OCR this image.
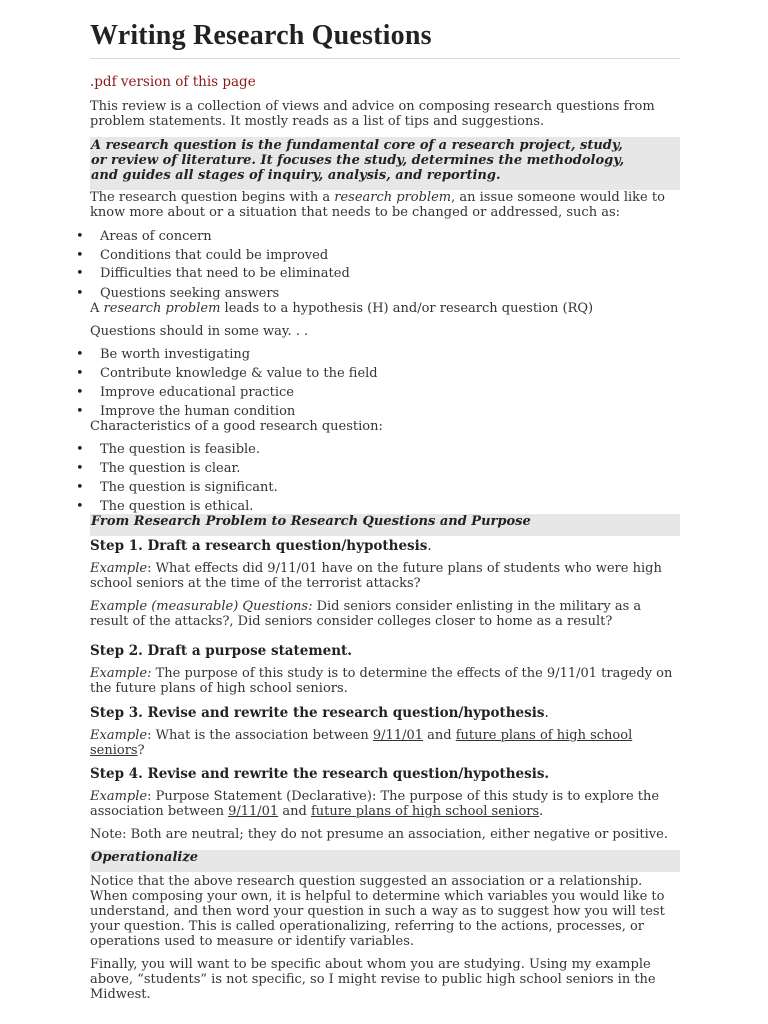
Writing Research Questions
.pdf version of this page
This review is a collection of views and advice on composing research questions from
problem statements. It mostly reads as a list of tips and suggestions.
A research question is the fundamental core of a research project, study,
or review of literature. It focuses the study, determines the methodology,
and guides all stages of inquiry, analysis, and reporting.
The research question begins with a research problem, an issue someone would like to
know more about or a situation that needs to be changed or addressed, such as:
• Areas of concern
• Conditions that could be improved
• Difficulties that need to be eliminated
• Questions seeking answers
A research problem leads to a hypothesis (H) and/or research question (RQ)
Questions should in some way. . .
• Be worth investigating
• Contribute knowledge & value to the field
• Improve educational practice
• Improve the human condition
Characteristics of a good research question:
• The question is feasible.
• The question is clear.
• The question is significant.
• The question is ethical.
From Research Problem to Research Questions and Purpose
Step 1. Draft a research question/hypothesis.
Example: What effects did 9/11/01 have on the future plans of students who were high
school seniors at the time of the terrorist attacks?
Example (measurable) Questions: Did seniors consider enlisting in the military as a
result of the attacks?, Did seniors consider colleges closer to home as a result?
Step 2. Draft a purpose statement.
Example: The purpose of this study is to determine the effects of the 9/11/01 tragedy on
the future plans of high school seniors.
Step 3. Revise and rewrite the research question/hypothesis.
Example: What is the association between 9/11/01 and future plans of high school
seniors?
Step 4. Revise and rewrite the research question/hypothesis.
Example: Purpose Statement (Declarative): The purpose of this study is to explore the
association between 9/11/01 and future plans of high school seniors.
Note: Both are neutral; they do not presume an association, either negative or positive.
Operationalize
Notice that the above research question suggested an association or a relationship.
When composing your own, it is helpful to determine which variables you would like to
understand, and then word your question in such a way as to suggest how you will test
your question. This is called operationalizing, referring to the actions, processes, or
operations used to measure or identify variables.
Finally, you will want to be specific about whom you are studying. Using my example
above, “students” is not specific, so I might revise to public high school seniors in the
Midwest.
